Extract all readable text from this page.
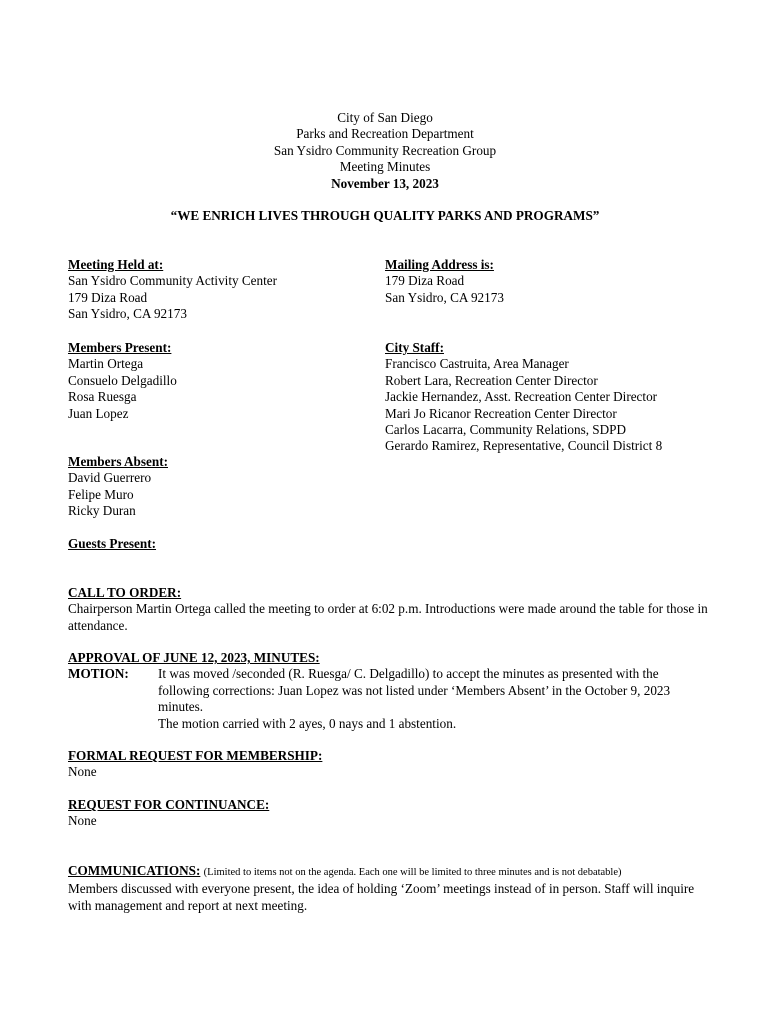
City of San Diego
Parks and Recreation Department
San Ysidro Community Recreation Group
Meeting Minutes
November 13, 2023
“WE ENRICH LIVES THROUGH QUALITY PARKS AND PROGRAMS”
Meeting Held at:
San Ysidro Community Activity Center
179 Diza Road
San Ysidro, CA 92173
Mailing Address is:
179 Diza Road
San Ysidro, CA 92173
Members Present:
Martin Ortega
Consuelo Delgadillo
Rosa Ruesga
Juan Lopez
City Staff:
Francisco Castruita, Area Manager
Robert Lara, Recreation Center Director
Jackie Hernandez, Asst. Recreation Center Director
Mari Jo Ricanor Recreation Center Director
Carlos Lacarra, Community Relations, SDPD
Gerardo Ramirez, Representative, Council District 8
Members Absent:
David Guerrero
Felipe Muro
Ricky Duran
Guests Present:
CALL TO ORDER:
Chairperson Martin Ortega called the meeting to order at 6:02 p.m. Introductions were made around the table for those in attendance.
APPROVAL OF JUNE 12, 2023, MINUTES:
MOTION:	It was moved /seconded (R. Ruesga/ C. Delgadillo) to accept the minutes as presented with the following corrections: Juan Lopez was not listed under ‘Members Absent’ in the October 9, 2023 minutes.
The motion carried with 2 ayes, 0 nays and 1 abstention.
FORMAL REQUEST FOR MEMBERSHIP:
None
REQUEST FOR CONTINUANCE:
None
COMMUNICATIONS: (Limited to items not on the agenda. Each one will be limited to three minutes and is not debatable)
Members discussed with everyone present, the idea of holding ‘Zoom’ meetings instead of in person. Staff will inquire with management and report at next meeting.
